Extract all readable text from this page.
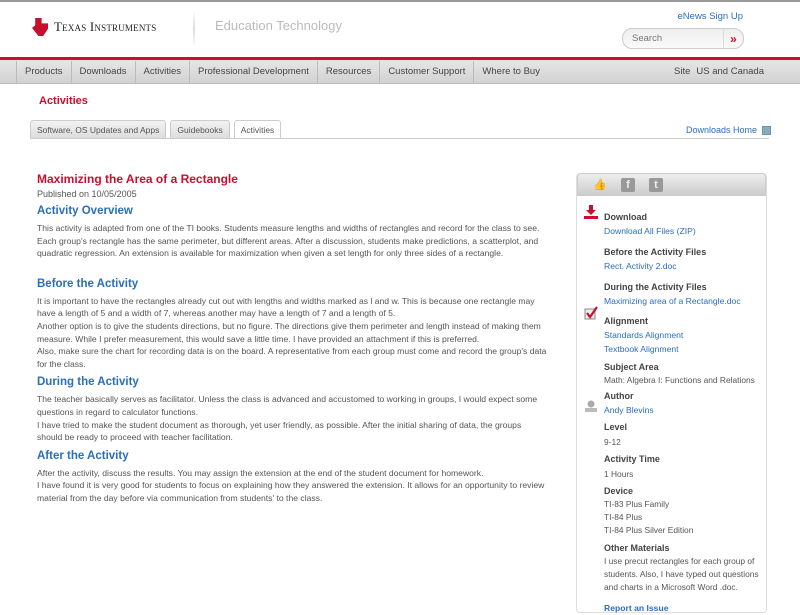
Texas Instruments	Education Technology
eNews Sign Up
Search
»
Products	Downloads	Activities	Professional Development	Resources	Customer Support	Where to Buy	Site US and Canada
Activities
Software, OS Updates and Apps	Guidebooks	Activities	Downloads Home
Maximizing the Area of a Rectangle
Published on 10/05/2005
Activity Overview

This activity is adapted from one of the TI books. Students measure lengths and widths of rectangles and record for the class to see. Each group's rectangle has the same perimeter, but different areas. After a discussion, students make predictions, a scatterplot, and quadratic regression. An extension is available for maximization when given a set length for only three sides of a rectangle.

Before the Activity

It is important to have the rectangles already cut out with lengths and widths marked as l and w. This is because one rectangle may have a length of 5 and a width of 7, whereas another may have a length of 7 and a length of 5.

Another option is to give the students directions, but no figure. The directions give them perimeter and length instead of making them measure. While I prefer measurement, this would save a little time. I have provided an attachment if this is preferred.

Also, make sure the chart for recording data is on the board. A representative from each group must come and record the group's data for the class.

During the Activity

The teacher basically serves as facilitator. Unless the class is advanced and accustomed to working in groups, I would expect some questions in regard to calculator functions.

I have tried to make the student document as thorough, yet user friendly, as possible. After the initial sharing of data, the groups should be ready to proceed with teacher facilitation.

After the Activity

After the activity, discuss the results. You may assign the extension at the end of the student document for homework.

I have found it is very good for students to focus on explaining how they answered the extension. It allows for an opportunity to review material from the day before via communication from students' to the class.

👍	f	t
Download
Download All Files (ZIP)
Before the Activity Files
Rect. Activity 2.doc
During the Activity Files
Maximizing area of a Rectangle.doc
Alignment
Standards Alignment
Textbook Alignment
Subject Area
Math: Algebra I: Functions and Relations
Author
Andy Blevins
Level
9-12
Activity Time
1 Hours
Device
TI-83 Plus Family
TI-84 Plus
TI-84 Plus Silver Edition
Other Materials
I use precut rectangles for each group of students. Also, I have typed out questions and charts in a Microsoft Word .doc.
Report an Issue
